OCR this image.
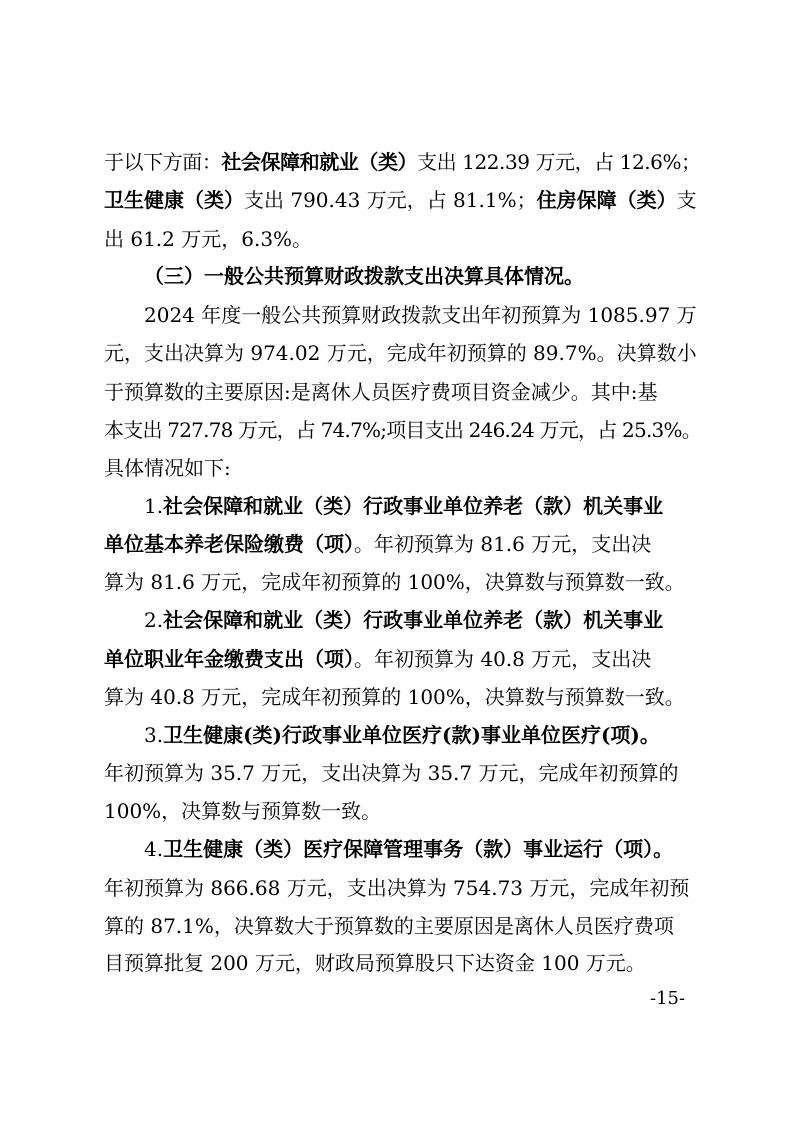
于以下方面：社会保障和就业（类）支出 122.39 万元，占 12.6%；
卫生健康（类）支出 790.43 万元，占 81.1%；住房保障（类）支
出 61.2 万元，6.3%。
（三）一般公共预算财政拨款支出决算具体情况。
2024 年度一般公共预算财政拨款支出年初预算为 1085.97 万
元，支出决算为 974.02 万元，完成年初预算的 89.7%。决算数小
于预算数的主要原因:是离休人员医疗费项目资金减少。其中:基
本支出 727.78 万元，占 74.7%;项目支出 246.24 万元，占 25.3%。
具体情况如下:
1.社会保障和就业（类）行政事业单位养老（款）机关事业
单位基本养老保险缴费（项）。年初预算为 81.6 万元，支出决
算为 81.6 万元，完成年初预算的 100%，决算数与预算数一致。
2.社会保障和就业（类）行政事业单位养老（款）机关事业
单位职业年金缴费支出（项）。年初预算为 40.8 万元，支出决
算为 40.8 万元，完成年初预算的 100%，决算数与预算数一致。
3.卫生健康(类)行政事业单位医疗(款)事业单位医疗(项)。
年初预算为 35.7 万元，支出决算为 35.7 万元，完成年初预算的
100%，决算数与预算数一致。
4.卫生健康（类）医疗保障管理事务（款）事业运行（项）。
年初预算为 866.68 万元，支出决算为 754.73 万元，完成年初预
算的 87.1%，决算数大于预算数的主要原因是离休人员医疗费项
目预算批复 200 万元，财政局预算股只下达资金 100 万元。
-15-
